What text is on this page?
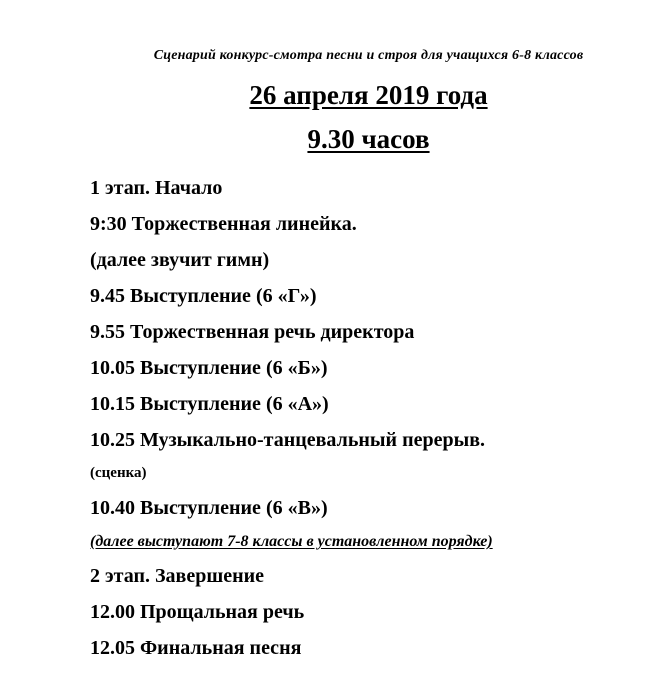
Сценарий конкурс-смотра песни и строя для учащихся 6-8 классов

26 апреля 2019 года
9.30 часов
1 этап. Начало
9:30 Торжественная линейка.
(далее звучит гимн)
9.45 Выступление (6 «Г»)
9.55 Торжественная речь директора
10.05 Выступление (6 «Б»)
10.15 Выступление (6 «А»)
10.25 Музыкально-танцевальный перерыв.
(сценка)
10.40 Выступление (6 «В»)
(далее выступают 7-8 классы в установленном порядке)
2 этап. Завершение
12.00 Прощальная речь
12.05 Финальная песня
